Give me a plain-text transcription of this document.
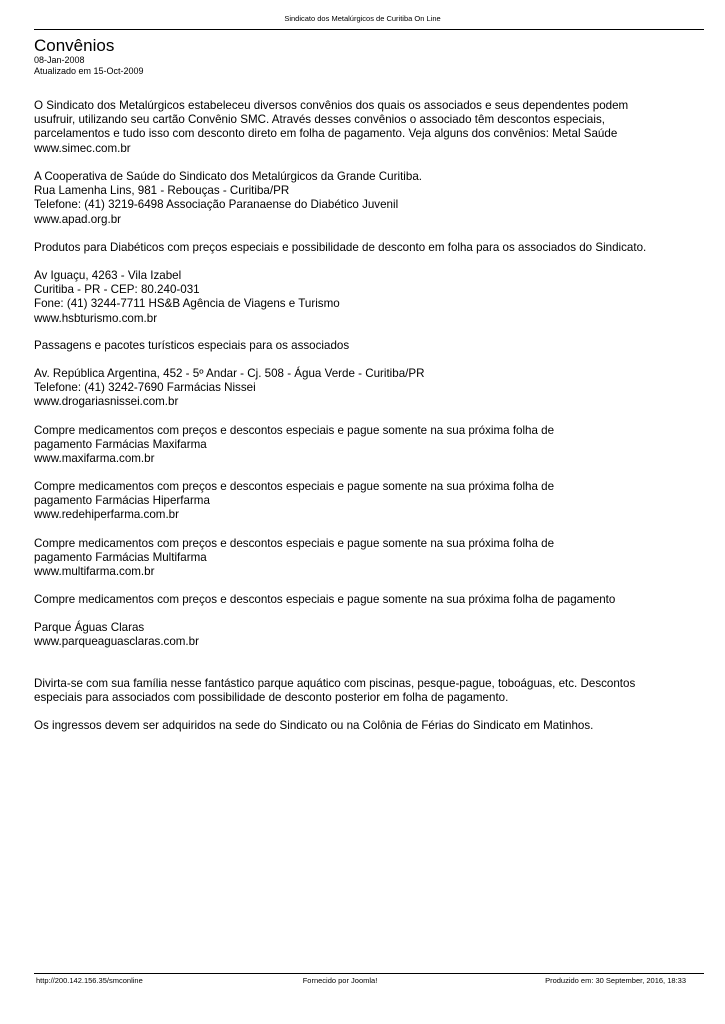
Sindicato dos Metalúrgicos de Curitiba On Line
Convênios
08-Jan-2008
Atualizado em 15-Oct-2009
O Sindicato dos Metalúrgicos estabeleceu diversos convênios dos quais os associados e seus dependentes podem
usufruir, utilizando seu cartão Convênio SMC. Através desses convênios o associado têm descontos especiais,
parcelamentos e tudo isso com desconto direto em folha de pagamento. Veja alguns dos convênios: Metal Saúde
www.simec.com.br
A Cooperativa de Saúde do Sindicato dos Metalúrgicos da Grande Curitiba.
Rua Lamenha Lins, 981 - Rebouças - Curitiba/PR
Telefone: (41) 3219-6498 Associação Paranaense do Diabético Juvenil
www.apad.org.br
Produtos para Diabéticos com preços especiais e possibilidade de desconto em folha para os associados do Sindicato.
Av Iguaçu, 4263 - Vila Izabel
Curitiba - PR - CEP: 80.240-031
Fone: (41) 3244-7711 HS&B Agência de Viagens e Turismo
www.hsbturismo.com.br
Passagens e pacotes turísticos especiais para os associados
Av. República Argentina, 452 - 5º Andar - Cj. 508 - Água Verde - Curitiba/PR
Telefone: (41) 3242-7690 Farmácias Nissei
www.drogariasnissei.com.br
Compre medicamentos com preços e descontos especiais e pague somente na sua próxima folha de
pagamento Farmácias Maxifarma
www.maxifarma.com.br
Compre medicamentos com preços e descontos especiais e pague somente na sua próxima folha de
pagamento Farmácias Hiperfarma
www.redehiperfarma.com.br
Compre medicamentos com preços e descontos especiais e pague somente na sua próxima folha de
pagamento Farmácias Multifarma
www.multifarma.com.br
Compre medicamentos com preços e descontos especiais e pague somente na sua próxima folha de pagamento
Parque Águas Claras
www.parqueaguasclaras.com.br
Divirta-se com sua família nesse fantástico parque aquático com piscinas, pesque-pague, toboáguas, etc. Descontos
especiais para associados com possibilidade de desconto posterior em folha de pagamento.
Os ingressos devem ser adquiridos na sede do Sindicato ou na Colônia de Férias do Sindicato em Matinhos.
http://200.142.156.35/smconline	Fornecido por Joomla!	Produzido em: 30 September, 2016, 18:33
